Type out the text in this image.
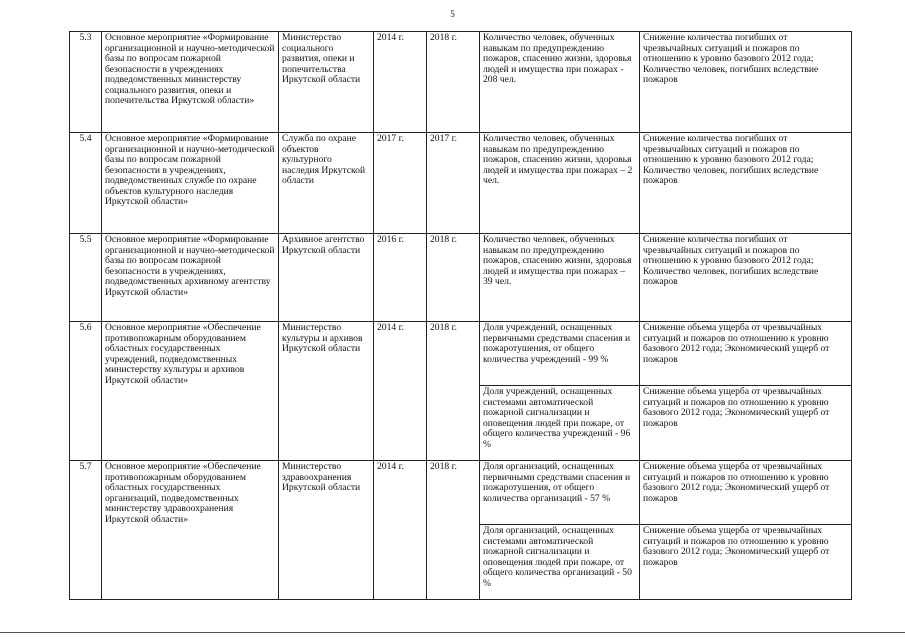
5
5.3	Основное мероприятие «Формирование организационной и научно-методической базы по вопросам пожарной безопасности в учреждениях подведомственных министерству социального развития, опеки и попечительства Иркутской области»	Министерство социального развития, опеки и попечительства Иркутской области	2014 г.	2018 г.	Количество человек, обученных навыкам по предупреждению пожаров, спасению жизни, здоровья людей и имущества при пожарах - 208 чел.	Снижение количества погибших от чрезвычайных ситуаций и пожаров по отношению к уровню базового 2012 года; Количество человек, погибших вследствие пожаров
5.4	Основное мероприятие «Формирование организационной и научно-методической базы по вопросам пожарной безопасности в учреждениях, подведомственных службе по охране объектов культурного наследия Иркутской области»	Служба по охране объектов культурного наследия Иркутской области	2017 г.	2017 г.	Количество человек, обученных навыкам по предупреждению пожаров, спасению жизни, здоровья людей и имущества при пожарах – 2 чел.	Снижение количества погибших от чрезвычайных ситуаций и пожаров по отношению к уровню базового 2012 года; Количество человек, погибших вследствие пожаров
5.5	Основное мероприятие «Формирование организационной и научно-методической базы по вопросам пожарной безопасности в учреждениях, подведомственных архивному агентству Иркутской области»	Архивное агентство Иркутской области	2016 г.	2018 г.	Количество человек, обученных навыкам по предупреждению пожаров, спасению жизни, здоровья людей и имущества при пожарах – 39 чел.	Снижение количества погибших от чрезвычайных ситуаций и пожаров по отношению к уровню базового 2012 года; Количество человек, погибших вследствие пожаров
5.6	Основное мероприятие «Обеспечение противопожарным оборудованием областных государственных учреждений, подведомственных министерству культуры и архивов Иркутской области»	Министерство культуры и архивов Иркутской области	2014 г.	2018 г.	Доля учреждений, оснащенных первичными средствами спасения и пожаротушения, от общего количества учреждений - 99 %	Снижение объема ущерба от чрезвычайных ситуаций и пожаров по отношению к уровню базового 2012 года; Экономический ущерб от пожаров
					Доля учреждений, оснащенных системами автоматической пожарной сигнализации и оповещения людей при пожаре, от общего количества учреждений - 96 %	Снижение объема ущерба от чрезвычайных ситуаций и пожаров по отношению к уровню базового 2012 года; Экономический ущерб от пожаров
5.7	Основное мероприятие «Обеспечение противопожарным оборудованием областных государственных организаций, подведомственных министерству здравоохранения Иркутской области»	Министерство здравоохранения Иркутской области	2014 г.	2018 г.	Доля организаций, оснащенных первичными средствами спасения и пожаротушения, от общего количества организаций - 57 %	Снижение объема ущерба от чрезвычайных ситуаций и пожаров по отношению к уровню базового 2012 года; Экономический ущерб от пожаров
					Доля организаций, оснащенных системами автоматической пожарной сигнализации и оповещения людей при пожаре, от общего количества организаций - 50 %	Снижение объема ущерба от чрезвычайных ситуаций и пожаров по отношению к уровню базового 2012 года; Экономический ущерб от пожаров
